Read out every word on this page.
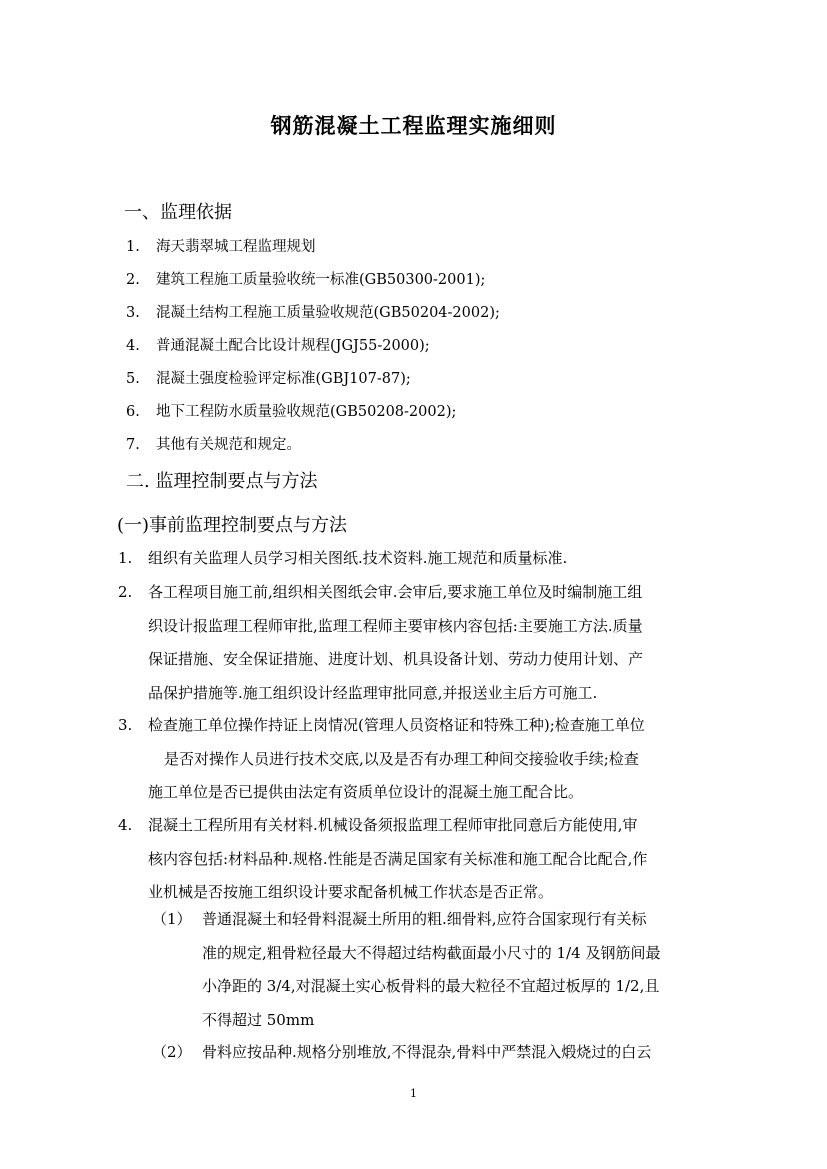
钢筋混凝土工程监理实施细则
一、监理依据
1. 海天翡翠城工程监理规划
2. 建筑工程施工质量验收统一标准(GB50300-2001);
3. 混凝土结构工程施工质量验收规范(GB50204-2002);
4. 普通混凝土配合比设计规程(JGJ55-2000);
5. 混凝土强度检验评定标准(GBJ107-87);
6. 地下工程防水质量验收规范(GB50208-2002);
7. 其他有关规范和规定。
二. 监理控制要点与方法
(一)事前监理控制要点与方法
1. 组织有关监理人员学习相关图纸.技术资料.施工规范和质量标准.
2. 各工程项目施工前,组织相关图纸会审.会审后,要求施工单位及时编制施工组
织设计报监理工程师审批,监理工程师主要审核内容包括:主要施工方法.质量
保证措施、安全保证措施、进度计划、机具设备计划、劳动力使用计划、产
品保护措施等.施工组织设计经监理审批同意,并报送业主后方可施工.
3. 检查施工单位操作持证上岗情况(管理人员资格证和特殊工种);检查施工单位
是否对操作人员进行技术交底,以及是否有办理工种间交接验收手续;检查
施工单位是否已提供由法定有资质单位设计的混凝土施工配合比。
4. 混凝土工程所用有关材料.机械设备须报监理工程师审批同意后方能使用,审
核内容包括:材料品种.规格.性能是否满足国家有关标准和施工配合比配合,作
业机械是否按施工组织设计要求配备机械工作状态是否正常。
（1） 普通混凝土和轻骨料混凝土所用的粗.细骨料,应符合国家现行有关标
准的规定,粗骨粒径最大不得超过结构截面最小尺寸的 1/4 及钢筋间最
小净距的 3/4,对混凝土实心板骨料的最大粒径不宜超过板厚的 1/2,且
不得超过 50mm
（2） 骨料应按品种.规格分别堆放,不得混杂,骨料中严禁混入煅烧过的白云
1
